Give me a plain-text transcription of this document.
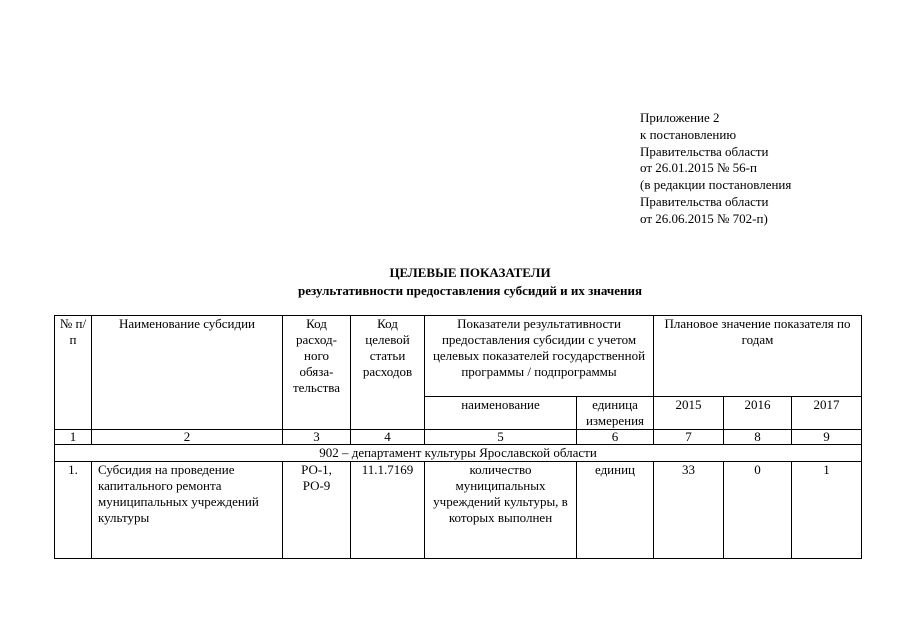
Приложение 2
к постановлению
Правительства области
от 26.01.2015 № 56-п
(в редакции постановления
Правительства области
от 26.06.2015 № 702-п)
ЦЕЛЕВЫЕ ПОКАЗАТЕЛИ
результативности предоставления субсидий и их значения
№ п/п	Наименование субсидии	Код расход-ного обяза-тельства	Код целевой статьи расходов	Показатели результативности предоставления субсидии с учетом целевых показателей государственной программы / подпрограммы		Плановое значение показателя по годам		
				наименование	единица измерения	2015	2016	2017
1	2	3	4	5	6	7	8	9
902 – департамент культуры Ярославской области								
1.	Субсидия на проведение капитального ремонта муниципальных учреждений культуры	РО-1, РО-9	11.1.7169	количество муниципальных учреждений культуры, в которых выполнен	единиц	33	0	1
